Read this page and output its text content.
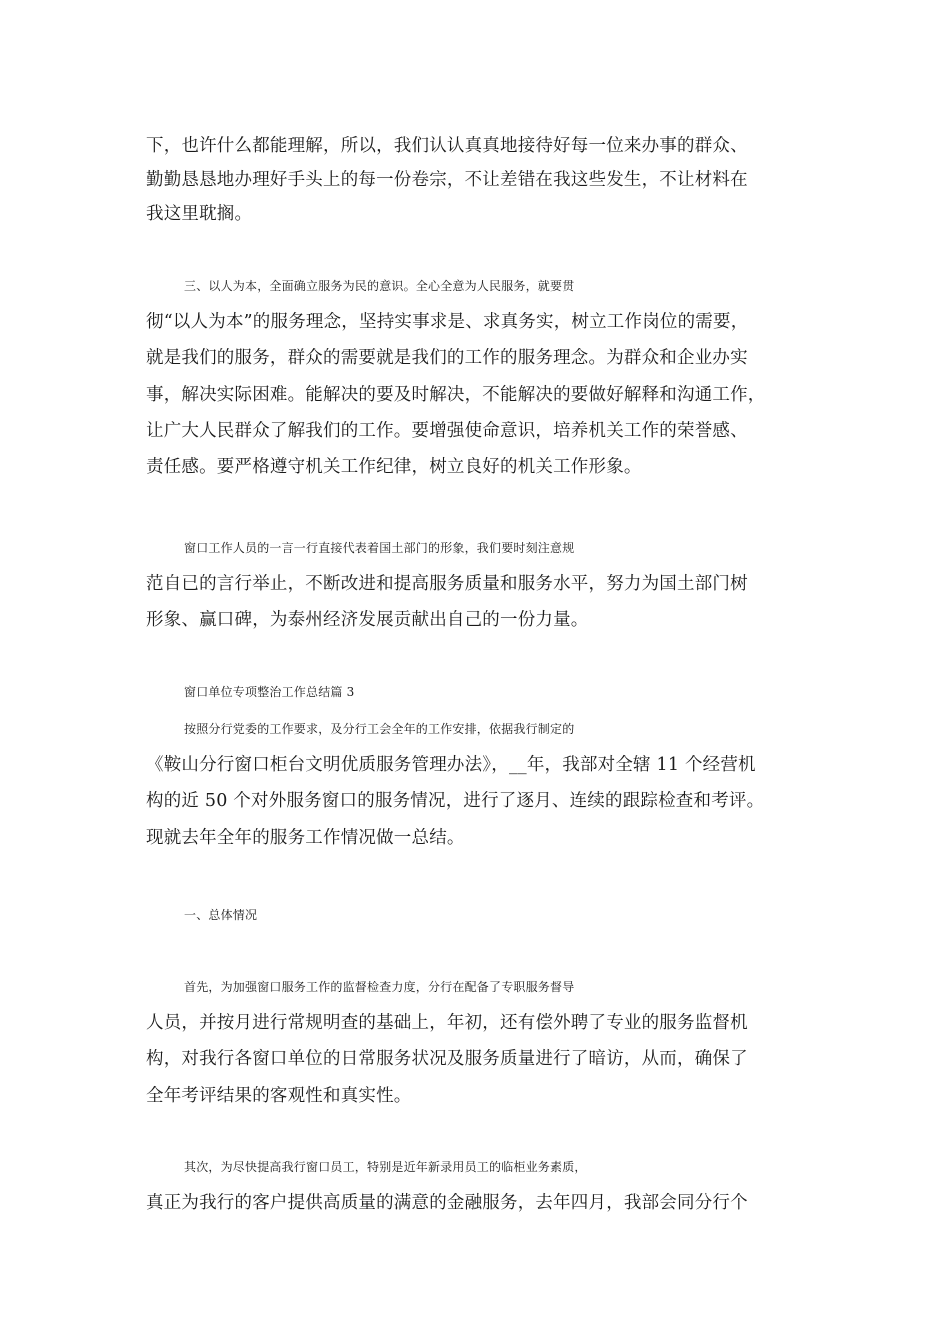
下，也许什么都能理解，所以，我们认认真真地接待好每一位来办事的群众、
勤勤恳恳地办理好手头上的每一份卷宗，不让差错在我这些发生，不让材料在
我这里耽搁。
三、以人为本，全面确立服务为民的意识。全心全意为人民服务，就要贯
彻“以人为本”的服务理念，坚持实事求是、求真务实，树立工作岗位的需要，
就是我们的服务，群众的需要就是我们的工作的服务理念。为群众和企业办实
事，解决实际困难。能解决的要及时解决，不能解决的要做好解释和沟通工作，
让广大人民群众了解我们的工作。要增强使命意识，培养机关工作的荣誉感、
责任感。要严格遵守机关工作纪律，树立良好的机关工作形象。
窗口工作人员的一言一行直接代表着国土部门的形象，我们要时刻注意规
范自已的言行举止，不断改进和提高服务质量和服务水平，努力为国土部门树
形象、赢口碑，为泰州经济发展贡献出自己的一份力量。
窗口单位专项整治工作总结篇 3
按照分行党委的工作要求，及分行工会全年的工作安排，依据我行制定的
《鞍山分行窗口柜台文明优质服务管理办法》，__年，我部对全辖 11 个经营机
构的近 50 个对外服务窗口的服务情况，进行了逐月、连续的跟踪检查和考评。
现就去年全年的服务工作情况做一总结。
一、总体情况
首先，为加强窗口服务工作的监督检查力度，分行在配备了专职服务督导
人员，并按月进行常规明查的基础上，年初，还有偿外聘了专业的服务监督机
构，对我行各窗口单位的日常服务状况及服务质量进行了暗访，从而，确保了
全年考评结果的客观性和真实性。
其次，为尽快提高我行窗口员工，特别是近年新录用员工的临柜业务素质，
真正为我行的客户提供高质量的满意的金融服务，去年四月，我部会同分行个
